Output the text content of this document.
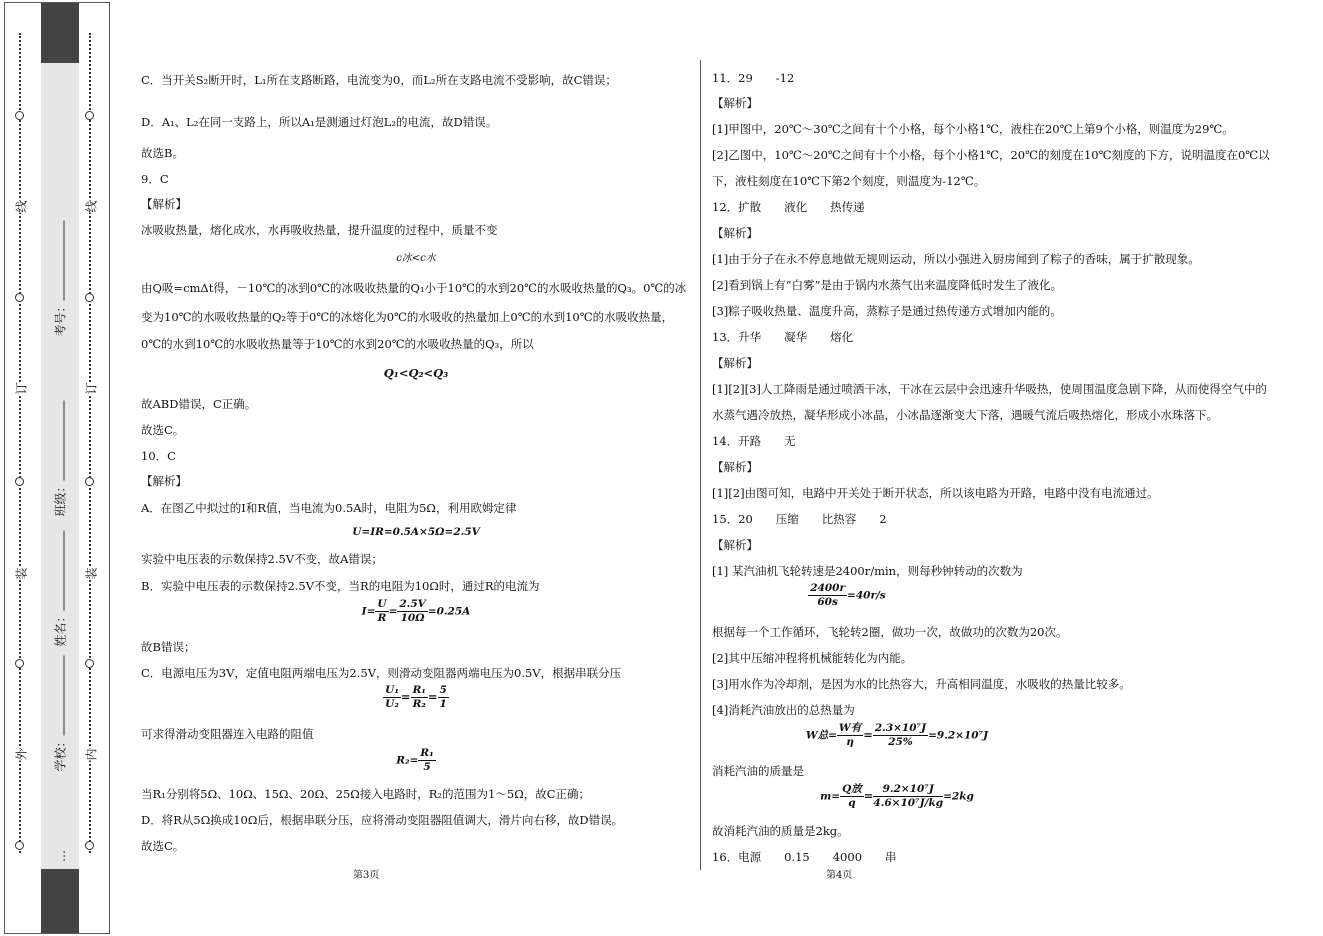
线
订
装
外
线
订
装
内
考号：
班级：
姓名：
学校：
…

C．当开关S₂断开时，L₁所在支路断路，电流变为0，而L₂所在支路电流不受影响，故C错误；

D．A₁、L₂在同一支路上，所以A₁是测通过灯泡L₂的电流，故D错误。

故选B。

9．C

【解析】

冰吸收热量，熔化成水，水再吸收热量，提升温度的过程中，质量不变

c冰<c水

由Q吸=cmΔt得，－10℃的冰到0℃的冰吸收热量的Q₁小于10℃的水到20℃的水吸收热量的Q₃。0℃的冰

变为10℃的水吸收热量的Q₂等于0℃的冰熔化为0℃的水吸收的热量加上0℃的水到10℃的水吸收热量，

0℃的水到10℃的水吸收热量等于10℃的水到20℃的水吸收热量的Q₃，所以

Q₁<Q₂<Q₃

故ABD错误，C正确。

故选C。

10．C

【解析】

A．在图乙中拟过的I和R值，当电流为0.5A时，电阻为5Ω，利用欧姆定律

U=IR=0.5A×5Ω=2.5V

实验中电压表的示数保持2.5V不变，故A错误；

B．实验中电压表的示数保持2.5V不变，当R的电阻为10Ω时，通过R的电流为

$I= \frac{U}{R} = \frac{2.5V}{10\Omega} =0.25A$

故B错误；

C．电源电压为3V，定值电阻两端电压为2.5V，则滑动变阻器两端电压为0.5V，根据串联分压

$\frac{\text{U₁}}{\text{U₂}} = \frac{\text{R₁}}{\text{R₂}} = \frac{5}{1}$

可求得滑动变阻器连入电路的阻值

$R_2= \frac{\text{R₁}}{5}$

当R₁分别将5Ω、10Ω、15Ω、20Ω、25Ω接入电路时，R₂的范围为1～5Ω，故C正确；

D．将R从5Ω换成10Ω后，根据串联分压，应将滑动变阻器阻值调大，滑片向右移，故D错误。

故选C。

第3页

11．29　　-12

【解析】

[1]甲图中，20℃～30℃之间有十个小格，每个小格1℃，液柱在20℃上第9个小格，则温度为29℃。

[2]乙图中，10℃～20℃之间有十个小格，每个小格1℃，20℃的刻度在10℃刻度的下方，说明温度在0℃以

下，液柱刻度在10℃下第2个刻度，则温度为-12℃。

12．扩散　　液化　　热传递

【解析】

[1]由于分子在永不停息地做无规则运动，所以小强进入厨房闻到了粽子的香味，属于扩散现象。

[2]看到锅上有“白雾”是由于锅内水蒸气出来温度降低时发生了液化。

[3]粽子吸收热量、温度升高，蒸粽子是通过热传递方式增加内能的。

13．升华　　凝华　　熔化

【解析】

[1][2][3]人工降雨是通过喷洒干冰，干冰在云层中会迅速升华吸热，使周围温度急剧下降，从而使得空气中的

水蒸气遇冷放热，凝华形成小冰晶，小冰晶逐渐变大下落，遇暖气流后吸热熔化，形成小水珠落下。

14．开路　　无

【解析】

[1][2]由图可知，电路中开关处于断开状态，所以该电路为开路，电路中没有电流通过。

15．20　　压缩　　比热容　　2

【解析】

[1] 某汽油机飞轮转速是2400r/min，则每秒钟转动的次数为

$\frac{2400r}{60s} =40r/s$

根据每一个工作循环，飞轮转2圈，做功一次，故做功的次数为20次。

[2]其中压缩冲程将机械能转化为内能。

[3]用水作为冷却剂，是因为水的比热容大，升高相同温度，水吸收的热量比较多。

[4]消耗汽油放出的总热量为

W总= $\frac{\text{W有}}{\eta} = \frac{\text{2.3×10⁷J}}{25\%} =9.2\times 10^7J$

消耗汽油的质量是

$m= \frac{\text{Q放}}{q} = \frac{\text{9.2×10⁷J}}{\text{4.6×10⁷J/kg}} =2kg$

故消耗汽油的质量是2kg。

16．电源　　0.15　　4000　　串

第4页
